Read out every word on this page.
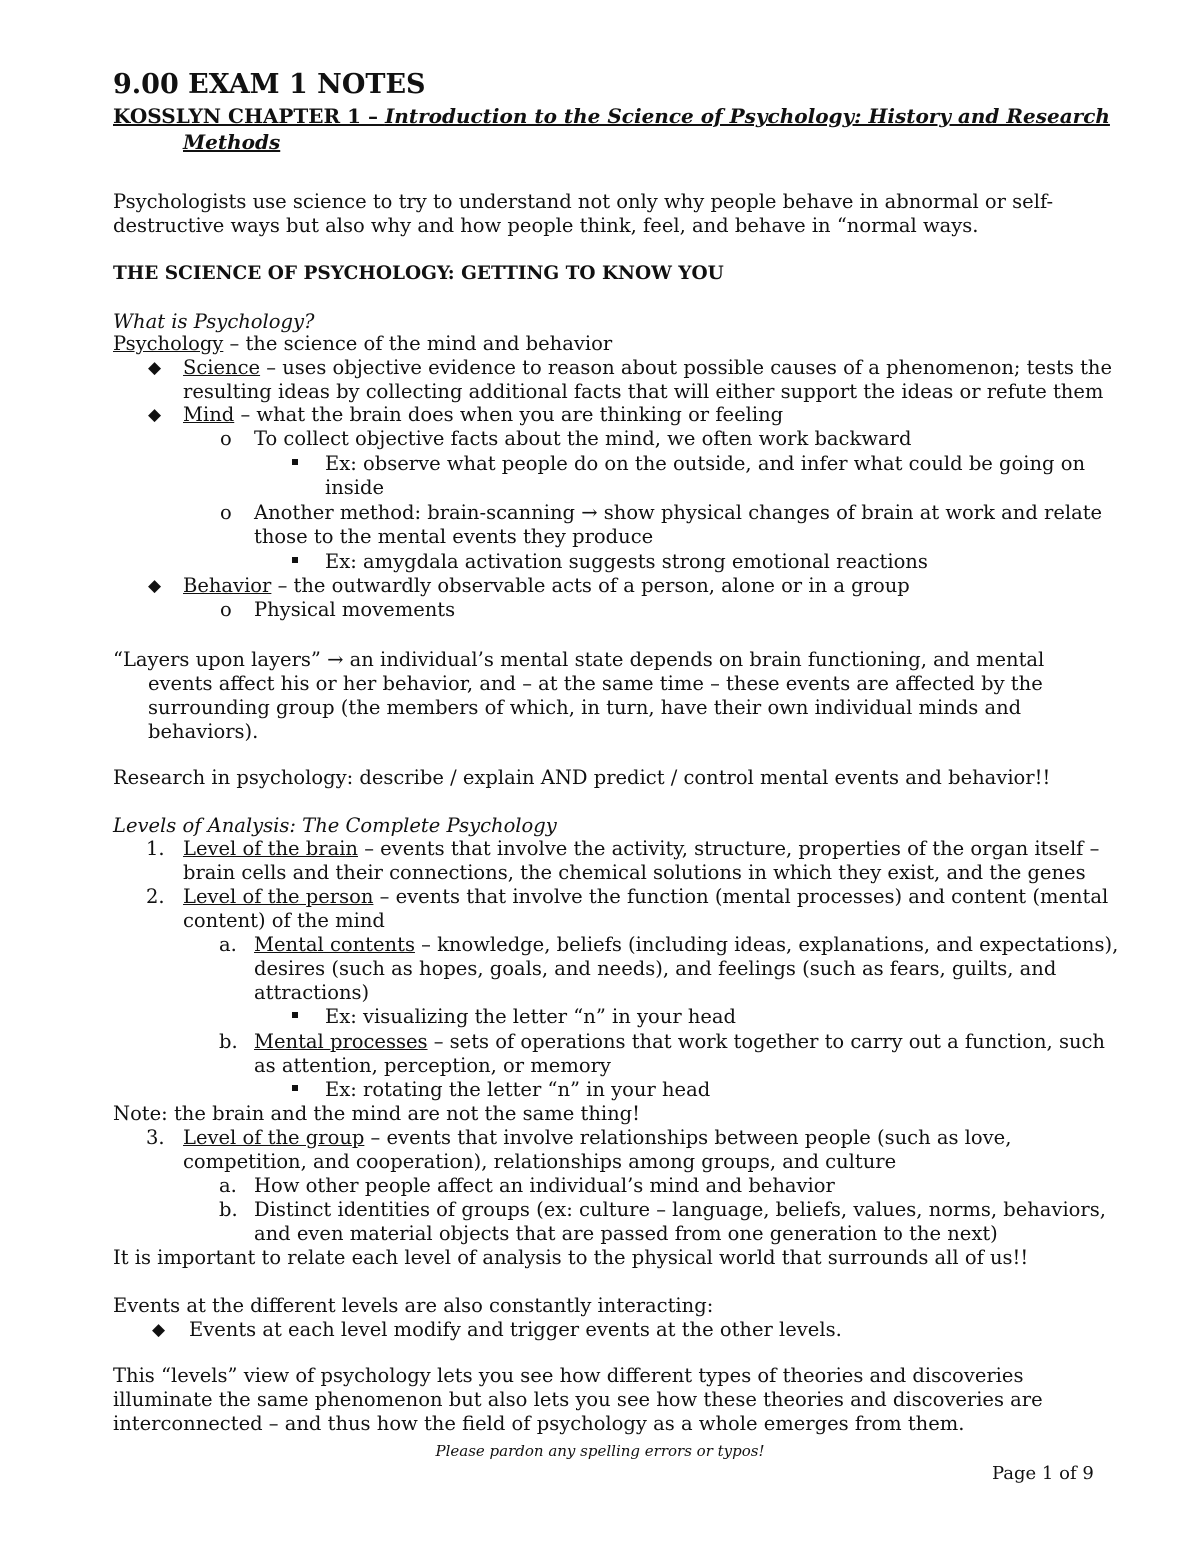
9.00 EXAM 1 NOTES
KOSSLYN CHAPTER 1 – Introduction to the Science of Psychology: History and Research
Methods
Psychologists use science to try to understand not only why people behave in abnormal or self-
destructive ways but also why and how people think, feel, and behave in “normal ways.
THE SCIENCE OF PSYCHOLOGY: GETTING TO KNOW YOU
What is Psychology?
Psychology – the science of the mind and behavior
◆ Science – uses objective evidence to reason about possible causes of a phenomenon; tests the
resulting ideas by collecting additional facts that will either support the ideas or refute them
◆ Mind – what the brain does when you are thinking or feeling
o To collect objective facts about the mind, we often work backward
Ex: observe what people do on the outside, and infer what could be going on
inside
o Another method: brain-scanning → show physical changes of brain at work and relate
those to the mental events they produce
Ex: amygdala activation suggests strong emotional reactions
◆ Behavior – the outwardly observable acts of a person, alone or in a group
o Physical movements
“Layers upon layers” → an individual’s mental state depends on brain functioning, and mental
events affect his or her behavior, and – at the same time – these events are affected by the
surrounding group (the members of which, in turn, have their own individual minds and
behaviors).
Research in psychology: describe / explain AND predict / control mental events and behavior!!
Levels of Analysis: The Complete Psychology
1. Level of the brain – events that involve the activity, structure, properties of the organ itself –
brain cells and their connections, the chemical solutions in which they exist, and the genes
2. Level of the person – events that involve the function (mental processes) and content (mental
content) of the mind
a. Mental contents – knowledge, beliefs (including ideas, explanations, and expectations),
desires (such as hopes, goals, and needs), and feelings (such as fears, guilts, and
attractions)
Ex: visualizing the letter “n” in your head
b. Mental processes – sets of operations that work together to carry out a function, such
as attention, perception, or memory
Ex: rotating the letter “n” in your head
Note: the brain and the mind are not the same thing!
3. Level of the group – events that involve relationships between people (such as love,
competition, and cooperation), relationships among groups, and culture
a. How other people affect an individual’s mind and behavior
b. Distinct identities of groups (ex: culture – language, beliefs, values, norms, behaviors,
and even material objects that are passed from one generation to the next)
It is important to relate each level of analysis to the physical world that surrounds all of us!!
Events at the different levels are also constantly interacting:
◆ Events at each level modify and trigger events at the other levels.
This “levels” view of psychology lets you see how different types of theories and discoveries
illuminate the same phenomenon but also lets you see how these theories and discoveries are
interconnected – and thus how the field of psychology as a whole emerges from them.
Please pardon any spelling errors or typos!
Page 1 of 9
